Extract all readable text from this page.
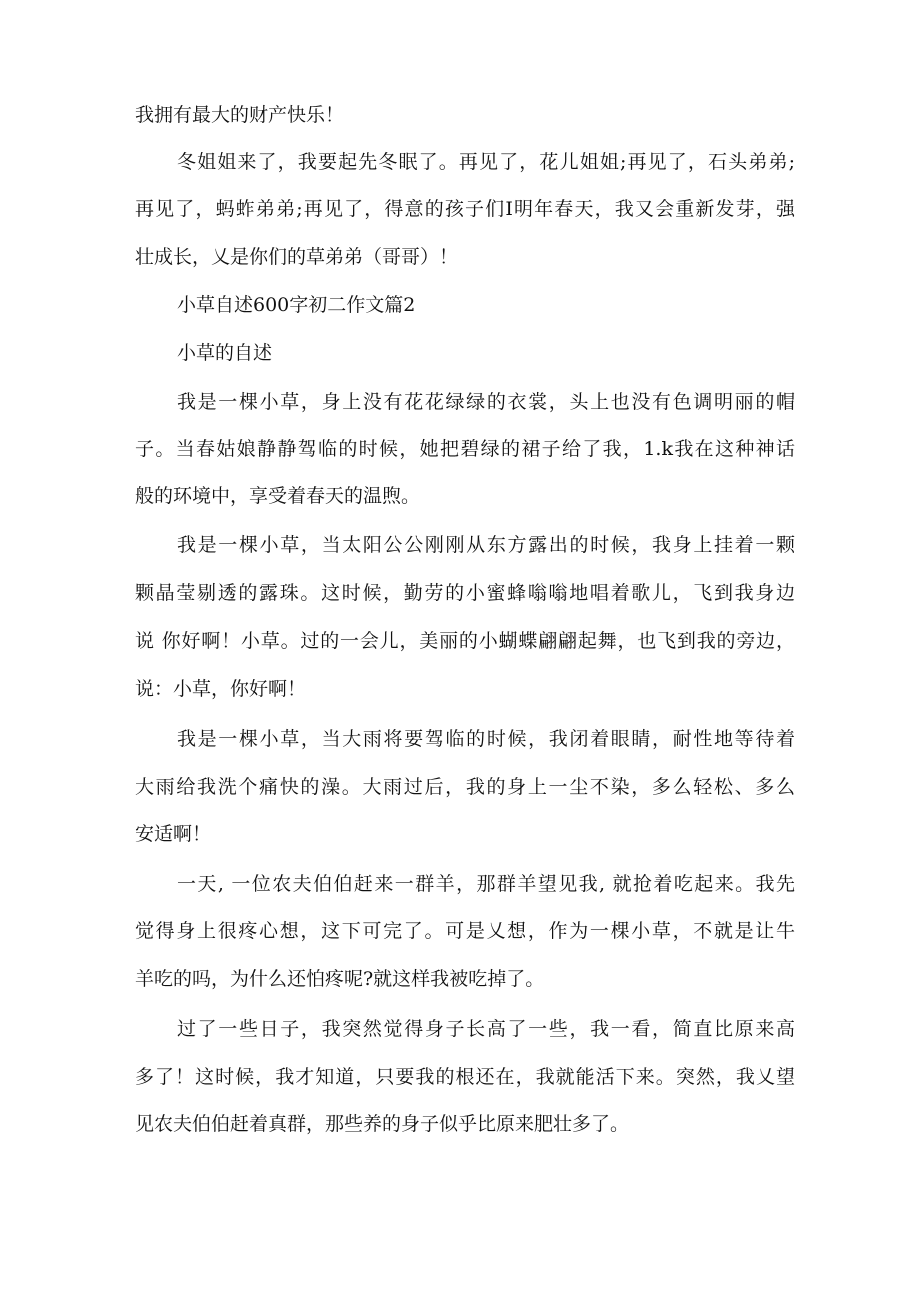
我拥有最大的财产快乐！
冬姐姐来了，我要起先冬眠了。再见了，花儿姐姐;再见了，石头弟弟;
再见了，蚂蚱弟弟;再见了，得意的孩子们I明年春天，我又会重新发芽，强
壮成长，乂是你们的草弟弟（哥哥）！
小草自述600字初二作文篇2
小草的自述
我是一棵小草，身上没有花花绿绿的衣裳，头上也没有色调明丽的帽
子。当春姑娘静静驾临的时候，她把碧绿的裙子给了我，1.k我在这种神话
般的环境中，享受着春天的温煦。
我是一棵小草，当太阳公公刚刚从东方露出的时候，我身上挂着一颗
颗晶莹剔透的露珠。这时候，勤劳的小蜜蜂嗡嗡地唱着歌儿，飞到我身边
说 你好啊！小草。过的一会儿，美丽的小蝴蝶翩翩起舞，也飞到我的旁边，
说：小草，你好啊！
我是一棵小草，当大雨将要驾临的时候，我闭着眼睛，耐性地等待着
大雨给我洗个痛快的澡。大雨过后，我的身上一尘不染，多么轻松、多么
安适啊！
一天, 一位农夫伯伯赶来一群羊，那群羊望见我, 就抢着吃起来。我先
觉得身上很疼心想，这下可完了。可是乂想，作为一棵小草，不就是让牛
羊吃的吗，为什么还怕疼呢?就这样我被吃掉了。
过了一些日子，我突然觉得身子长高了一些，我一看，简直比原来高
多了！这时候，我才知道，只要我的根还在，我就能活下来。突然，我乂望
见农夫伯伯赶着真群，那些养的身子似乎比原来肥壮多了。
